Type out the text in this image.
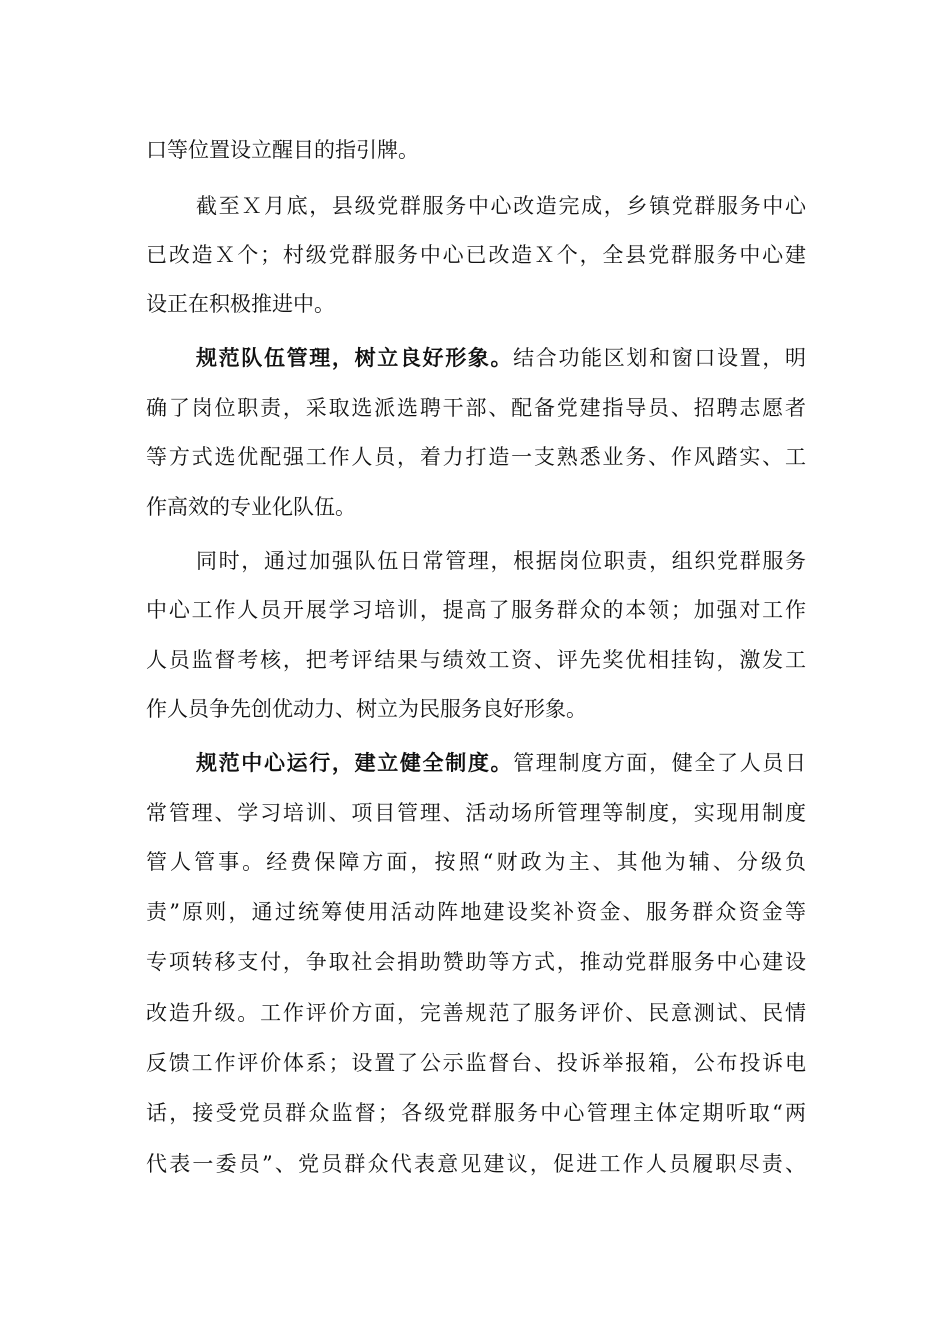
口等位置设立醒目的指引牌。
截至Ｘ月底，县级党群服务中心改造完成，乡镇党群服务中心
已改造Ｘ个；村级党群服务中心已改造Ｘ个，全县党群服务中心建
设正在积极推进中。
规范队伍管理，树立良好形象。结合功能区划和窗口设置，明
确了岗位职责，采取选派选聘干部、配备党建指导员、招聘志愿者
等方式选优配强工作人员，着力打造一支熟悉业务、作风踏实、工
作高效的专业化队伍。
同时，通过加强队伍日常管理，根据岗位职责，组织党群服务
中心工作人员开展学习培训，提高了服务群众的本领；加强对工作
人员监督考核，把考评结果与绩效工资、评先奖优相挂钩，激发工
作人员争先创优动力、树立为民服务良好形象。
规范中心运行，建立健全制度。管理制度方面，健全了人员日
常管理、学习培训、项目管理、活动场所管理等制度，实现用制度
管人管事。经费保障方面，按照“财政为主、其他为辅、分级负
责”原则，通过统筹使用活动阵地建设奖补资金、服务群众资金等
专项转移支付，争取社会捐助赞助等方式，推动党群服务中心建设
改造升级。工作评价方面，完善规范了服务评价、民意测试、民情
反馈工作评价体系；设置了公示监督台、投诉举报箱，公布投诉电
话，接受党员群众监督；各级党群服务中心管理主体定期听取“两
代表一委员”、党员群众代表意见建议，促进工作人员履职尽责、
